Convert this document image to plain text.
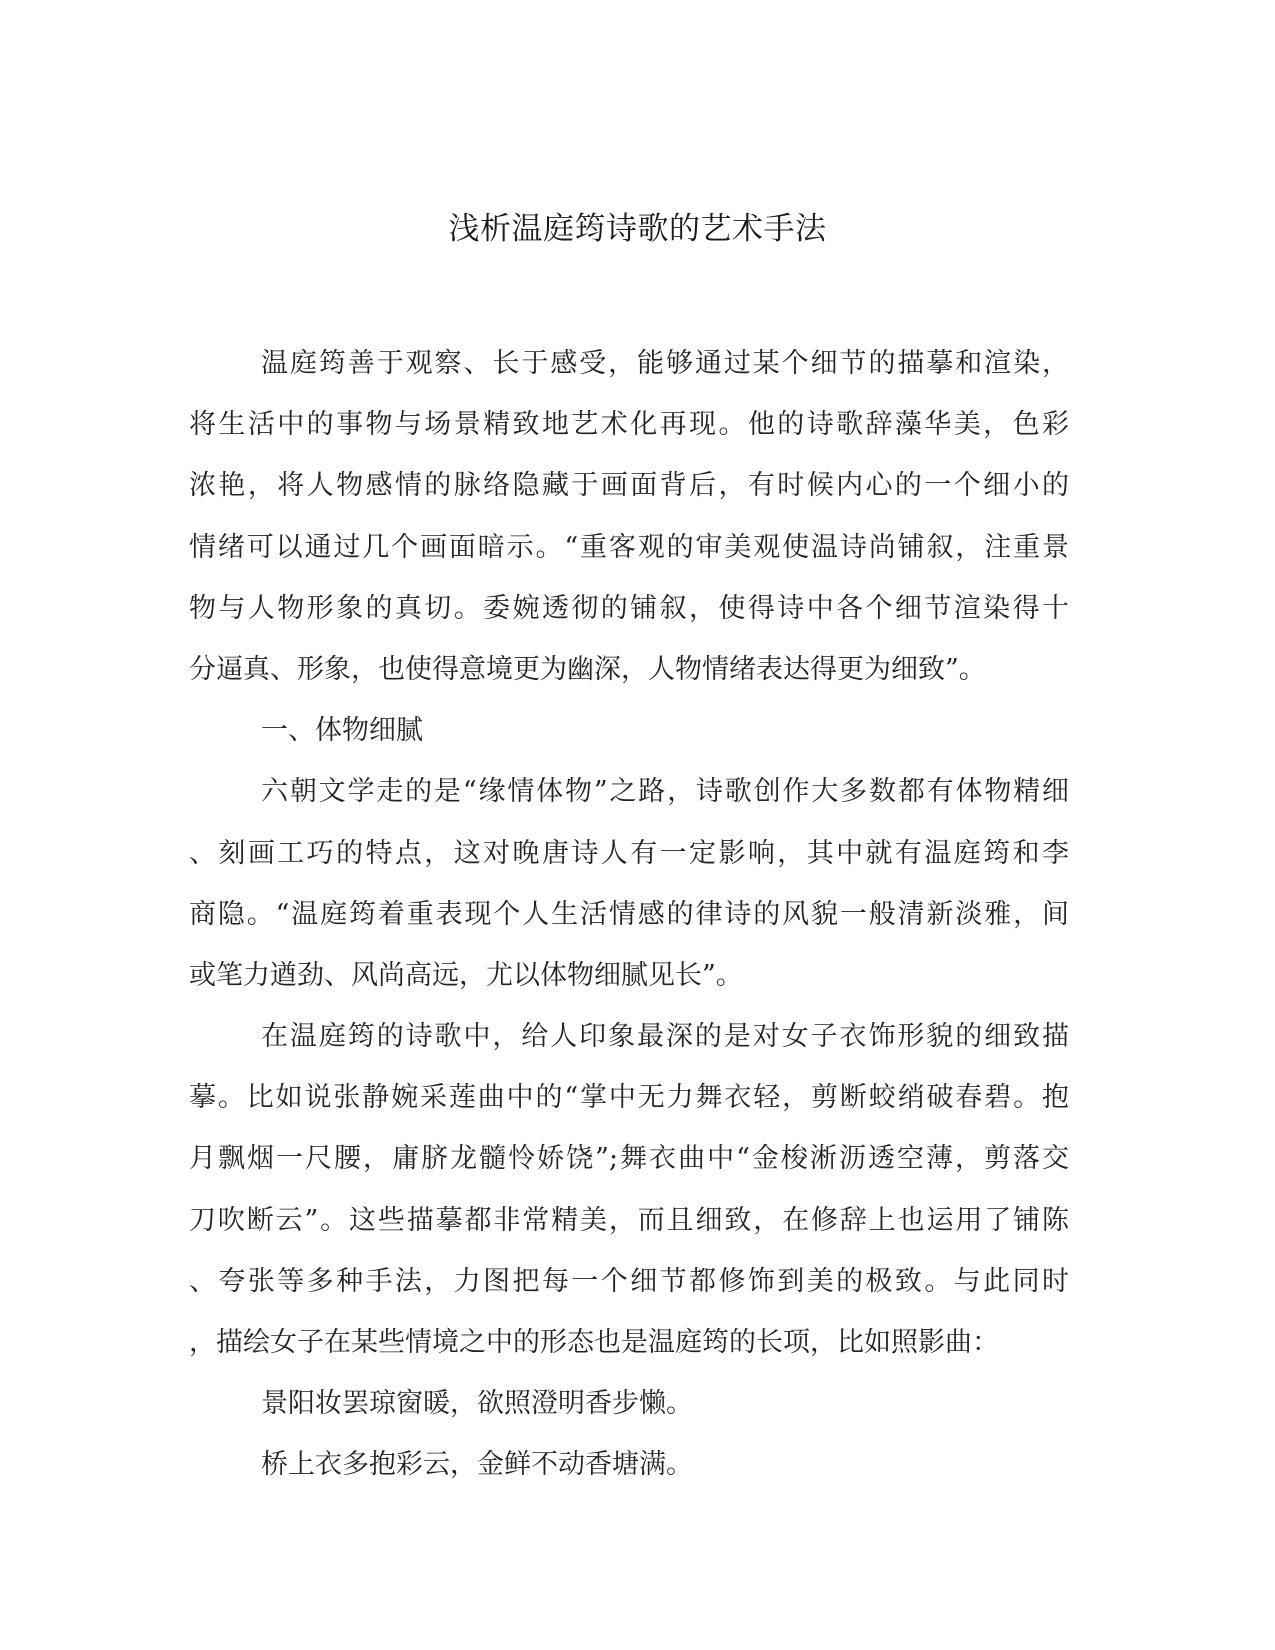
浅析温庭筠诗歌的艺术手法
温庭筠善于观察、长于感受，能够通过某个细节的描摹和渲染，
将生活中的事物与场景精致地艺术化再现。他的诗歌辞藻华美，色彩
浓艳，将人物感情的脉络隐藏于画面背后，有时候内心的一个细小的
情绪可以通过几个画面暗示。“重客观的审美观使温诗尚铺叙，注重景
物与人物形象的真切。委婉透彻的铺叙，使得诗中各个细节渲染得十
分逼真、形象，也使得意境更为幽深，人物情绪表达得更为细致”。
一、体物细腻
六朝文学走的是“缘情体物”之路，诗歌创作大多数都有体物精细
、刻画工巧的特点，这对晚唐诗人有一定影响，其中就有温庭筠和李
商隐。“温庭筠着重表现个人生活情感的律诗的风貌一般清新淡雅，间
或笔力遒劲、风尚高远，尤以体物细腻见长”。
在温庭筠的诗歌中，给人印象最深的是对女子衣饰形貌的细致描
摹。比如说张静婉采莲曲中的“掌中无力舞衣轻，剪断蛟绡破春碧。抱
月飘烟一尺腰，庸脐龙髓怜娇饶”;舞衣曲中“金梭淅沥透空薄，剪落交
刀吹断云”。这些描摹都非常精美，而且细致，在修辞上也运用了铺陈
、夸张等多种手法，力图把每一个细节都修饰到美的极致。与此同时
，描绘女子在某些情境之中的形态也是温庭筠的长项，比如照影曲：
景阳妆罢琼窗暖，欲照澄明香步懒。
桥上衣多抱彩云，金鲜不动香塘满。
